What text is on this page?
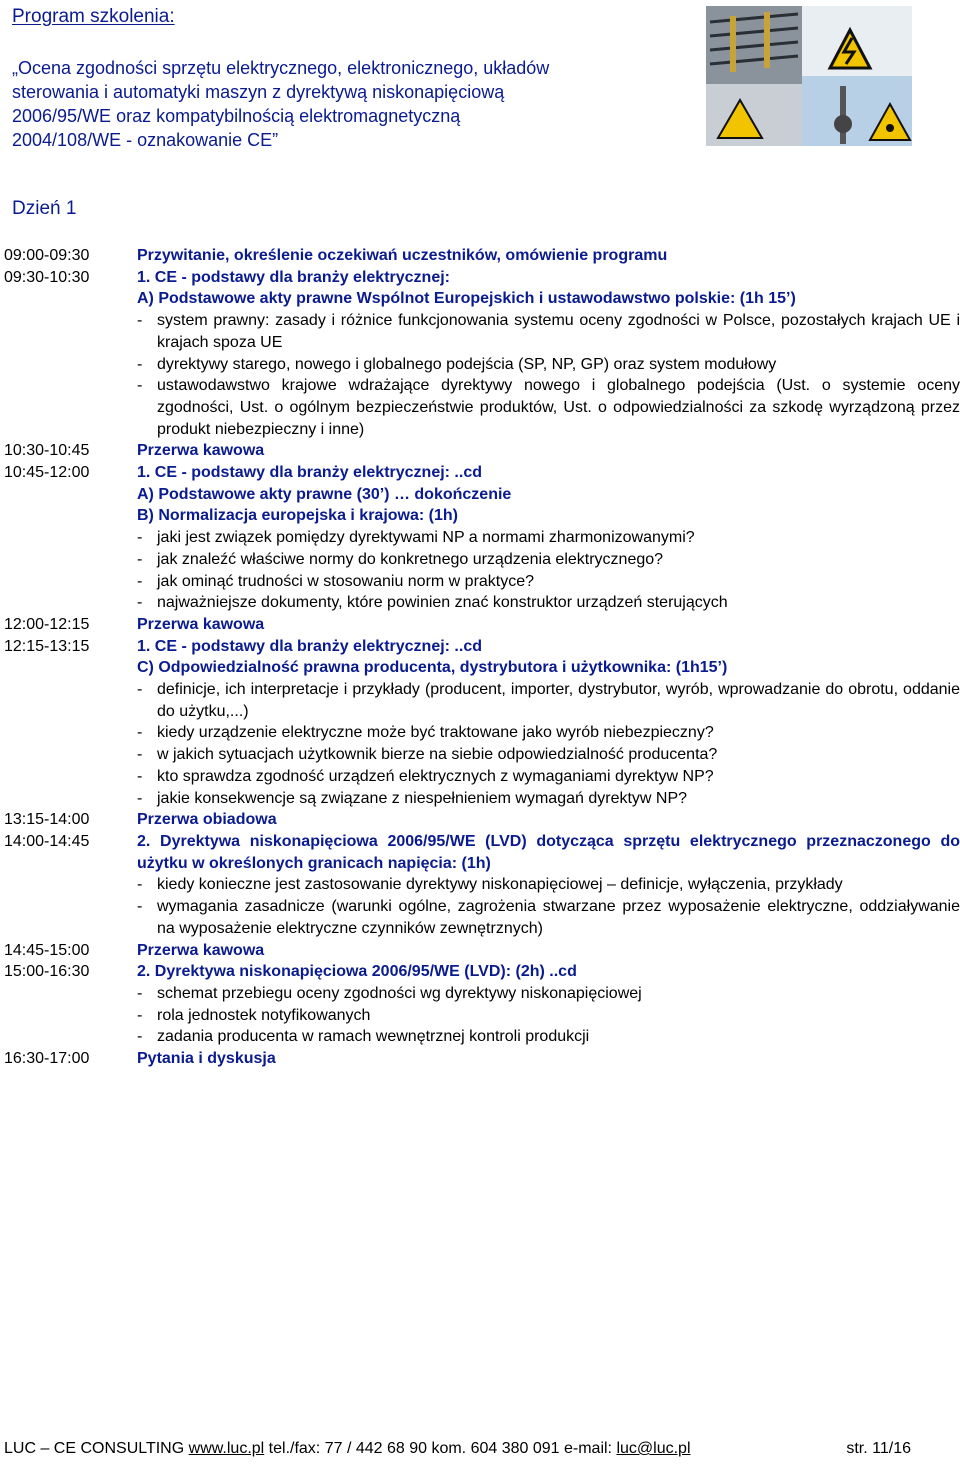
Program szkolenia:
„Ocena zgodności sprzętu elektrycznego, elektronicznego, układów
sterowania i automatyki maszyn z dyrektywą niskonapięciową
2006/95/WE oraz kompatybilnością elektromagnetyczną
2004/108/WE - oznakowanie CE”
Dzień 1
09:00-09:30	Przywitanie, określenie oczekiwań uczestników, omówienie programu
09:30-10:30	1. CE - podstawy dla branży elektrycznej:
A) Podstawowe akty prawne Wspólnot Europejskich i ustawodawstwo polskie: (1h 15’)
- system prawny: zasady i różnice funkcjonowania systemu oceny zgodności w Polsce, pozostałych krajach UE i krajach spoza UE
- dyrektywy starego, nowego i globalnego podejścia (SP, NP, GP) oraz system modułowy
- ustawodawstwo krajowe wdrażające dyrektywy nowego i globalnego podejścia (Ust. o systemie oceny zgodności, Ust. o ogólnym bezpieczeństwie produktów, Ust. o odpowiedzialności za szkodę wyrządzoną przez produkt niebezpieczny i inne)
10:30-10:45	Przerwa kawowa
10:45-12:00	1. CE - podstawy dla branży elektrycznej: ..cd
A) Podstawowe akty prawne (30’) … dokończenie
B) Normalizacja europejska i krajowa: (1h)
- jaki jest związek pomiędzy dyrektywami NP a normami zharmonizowanymi?
- jak znaleźć właściwe normy do konkretnego urządzenia elektrycznego?
- jak ominąć trudności w stosowaniu norm w praktyce?
- najważniejsze dokumenty, które powinien znać konstruktor urządzeń sterujących
12:00-12:15	Przerwa kawowa
12:15-13:15	1. CE - podstawy dla branży elektrycznej: ..cd
C) Odpowiedzialność prawna producenta, dystrybutora i użytkownika: (1h15’)
- definicje, ich interpretacje i przykłady (producent, importer, dystrybutor, wyrób, wprowadzanie do obrotu, oddanie do użytku,...)
- kiedy urządzenie elektryczne może być traktowane jako wyrób niebezpieczny?
- w jakich sytuacjach użytkownik bierze na siebie odpowiedzialność producenta?
- kto sprawdza zgodność urządzeń elektrycznych z wymaganiami dyrektyw NP?
- jakie konsekwencje są związane z niespełnieniem wymagań dyrektyw NP?
13:15-14:00	Przerwa obiadowa
14:00-14:45	2. Dyrektywa niskonapięciowa 2006/95/WE (LVD) dotycząca sprzętu elektrycznego przeznaczonego do użytku w określonych granicach napięcia: (1h)
- kiedy konieczne jest zastosowanie dyrektywy niskonapięciowej – definicje, wyłączenia, przykłady
- wymagania zasadnicze (warunki ogólne, zagrożenia stwarzane przez wyposażenie elektryczne, oddziaływanie na wyposażenie elektryczne czynników zewnętrznych)
14:45-15:00	Przerwa kawowa
15:00-16:30	2. Dyrektywa niskonapięciowa 2006/95/WE (LVD): (2h) ..cd
- schemat przebiegu oceny zgodności wg dyrektywy niskonapięciowej
- rola jednostek notyfikowanych
- zadania producenta w ramach wewnętrznej kontroli produkcji
16:30-17:00	Pytania i dyskusja
LUC – CE CONSULTING www.luc.pl tel./fax: 77 / 442 68 90 kom. 604 380 091 e-mail: luc@luc.pl	str. 11/16
